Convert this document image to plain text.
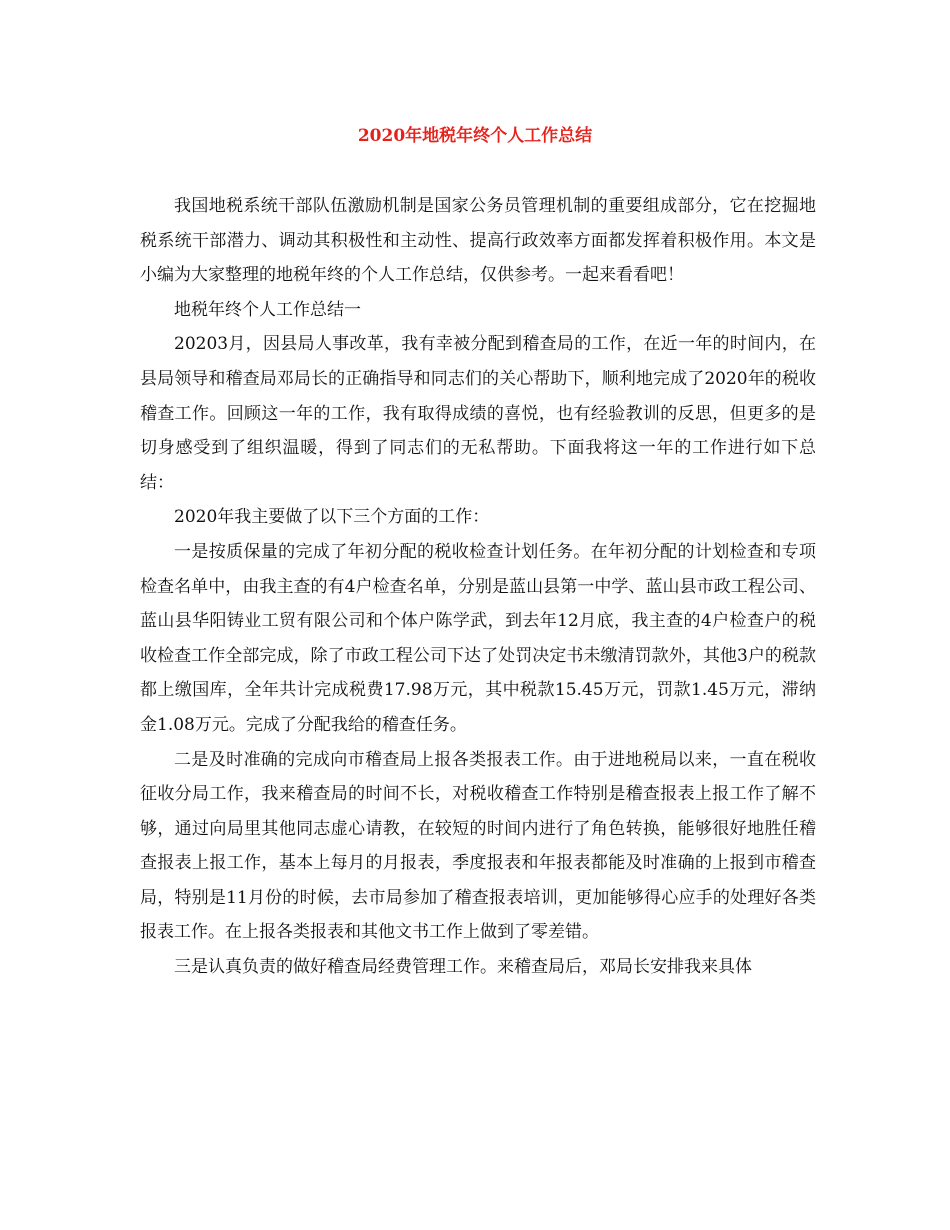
2020年地税年终个人工作总结

我国地税系统干部队伍激励机制是国家公务员管理机制的重要组成部分，它在挖掘地税系统干部潜力、调动其积极性和主动性、提高行政效率方面都发挥着积极作用。本文是小编为大家整理的地税年终的个人工作总结，仅供参考。一起来看看吧！

地税年终个人工作总结一

20203月，因县局人事改革，我有幸被分配到稽查局的工作，在近一年的时间内，在县局领导和稽查局邓局长的正确指导和同志们的关心帮助下，顺利地完成了2020年的税收稽查工作。回顾这一年的工作，我有取得成绩的喜悦，也有经验教训的反思，但更多的是切身感受到了组织温暖，得到了同志们的无私帮助。下面我将这一年的工作进行如下总结：

2020年我主要做了以下三个方面的工作：

一是按质保量的完成了年初分配的税收检查计划任务。在年初分配的计划检查和专项检查名单中，由我主查的有4户检查名单，分别是蓝山县第一中学、蓝山县市政工程公司、蓝山县华阳铸业工贸有限公司和个体户陈学武，到去年12月底，我主查的4户检查户的税收检查工作全部完成，除了市政工程公司下达了处罚决定书未缴清罚款外，其他3户的税款都上缴国库，全年共计完成税费17.98万元，其中税款15.45万元，罚款1.45万元，滞纳金1.08万元。完成了分配我给的稽查任务。

二是及时准确的完成向市稽查局上报各类报表工作。由于进地税局以来，一直在税收征收分局工作，我来稽查局的时间不长，对税收稽查工作特别是稽查报表上报工作了解不够，通过向局里其他同志虚心请教，在较短的时间内进行了角色转换，能够很好地胜任稽查报表上报工作，基本上每月的月报表，季度报表和年报表都能及时准确的上报到市稽查局，特别是11月份的时候，去市局参加了稽查报表培训，更加能够得心应手的处理好各类报表工作。在上报各类报表和其他文书工作上做到了零差错。

三是认真负责的做好稽查局经费管理工作。来稽查局后，邓局长安排我来具体
